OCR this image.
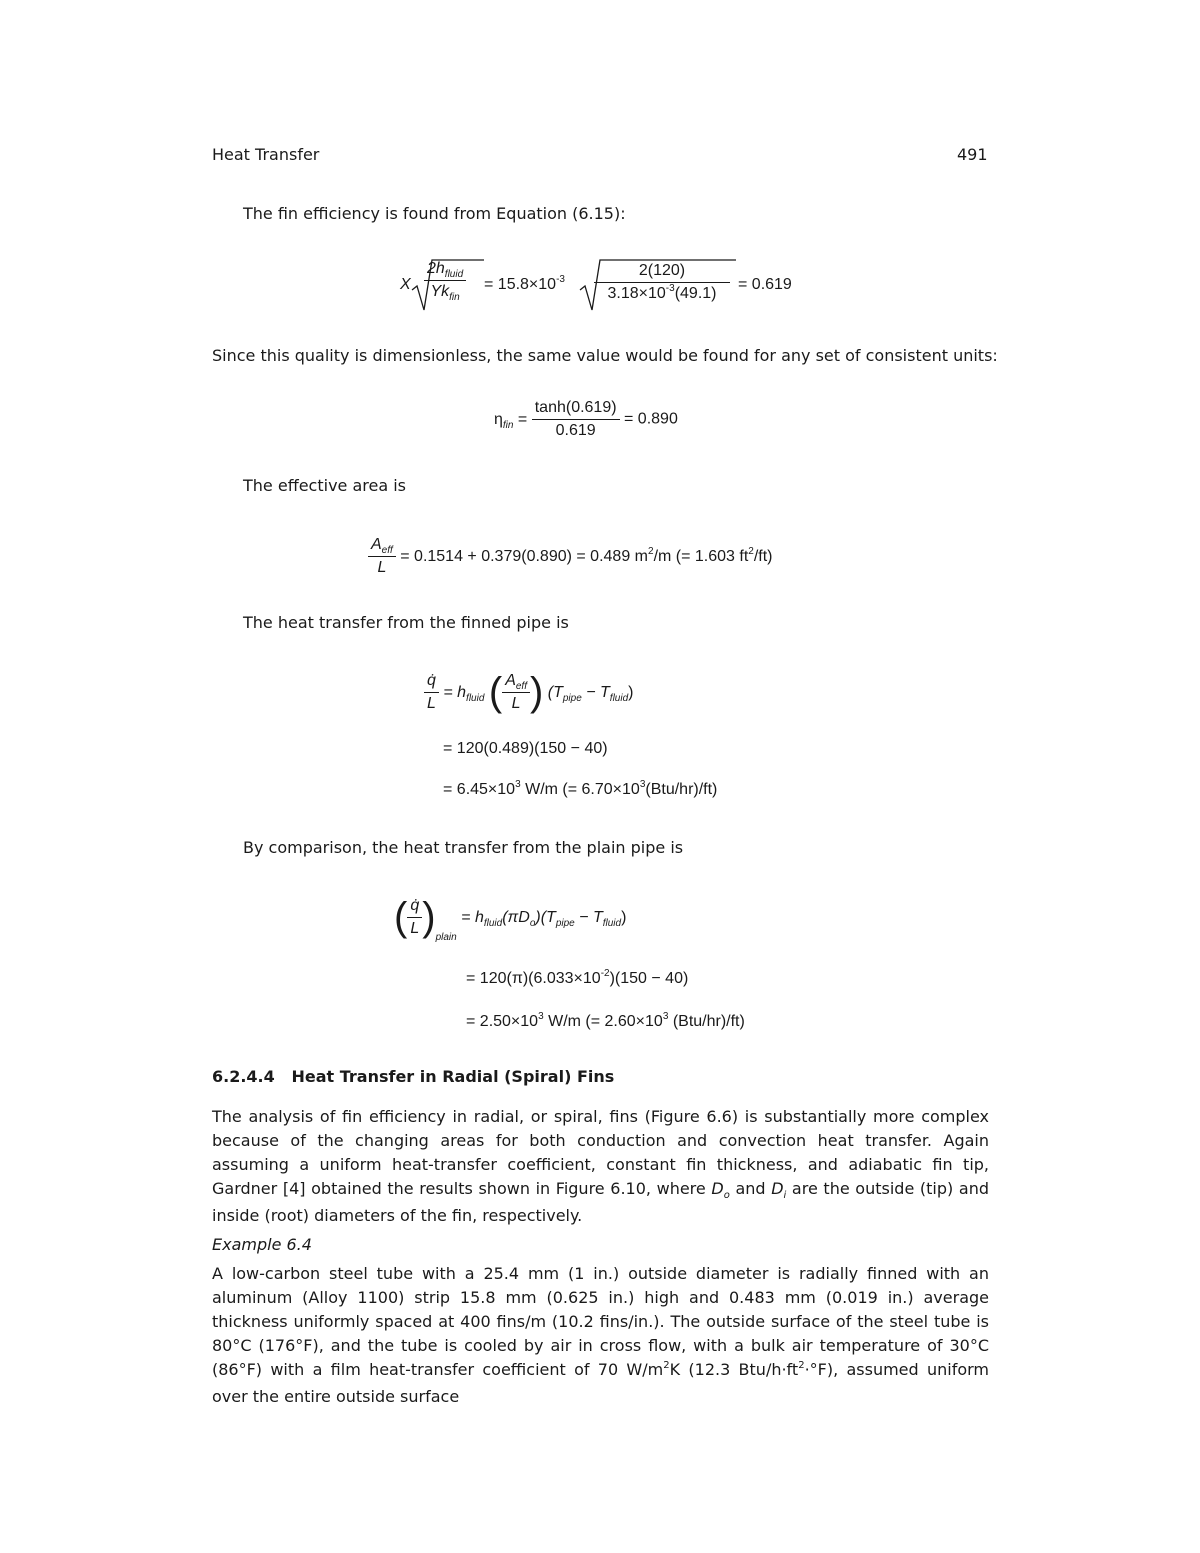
Heat Transfer	491
The fin efficiency is found from Equation (6.15):
X
$2h_{fluid}$
$Yk_{fin}$
= $15.8\times 10^{-3} \frac{2(120)}{3.18\times 10^{-3}(49.1)} = 0.619$
Since this quality is dimensionless, the same value would be found for any set of consistent units:
$\eta_{fin} = \frac{\tanh(0.619)}{0.619} = 0.890$
The effective area is
$\frac{A_{eff}}{L} = 0.1514 + 0.379(0.890) = 0.489$ $m^2/m$ (= 1.603 $ft^2/ft$)
The heat transfer from the finned pipe is
$\frac{q̇}{L} = h_{fluid}$ ( $\frac{A_{eff}}{L}$ ) $(T_{pipe} - T_{fluid})$
= 120(0.489)(150 − 40)
= $6.45\times 10^3$ W/m (= $6.70\times 10^3(Btu/hr)/ft$)
By comparison, the heat transfer from the plain pipe is
( $\frac{q̇}{L} )_{plain} = h_{fluid}(\pi D_o)(T_{pipe} - T_{fluid})$
= $120(\pi)(6.033\times 10^{-2})(150 - 40)$
= $2.50\times 10^3$ W/m (= $2.60\times 10^3$ (Btu/hr)/ft)
6.2.4.4   Heat Transfer in Radial (Spiral) Fins
The analysis of fin efficiency in radial, or spiral, fins (Figure 6.6) is substantially more complex because of the changing areas for both conduction and convection heat transfer. Again assuming a uniform heat-transfer coefficient, constant fin thickness, and adiabatic fin tip, Gardner [4] obtained the results shown in Figure 6.10, where $D_o$ and $D_i$ are the outside (tip) and inside (root) diameters of the fin, respectively.
Example 6.4
A low-carbon steel tube with a 25.4 mm (1 in.) outside diameter is radially finned with an aluminum (Alloy 1100) strip 15.8 mm (0.625 in.) high and 0.483 mm (0.019 in.) average thickness uniformly spaced at 400 fins/m (10.2 fins/in.). The outside surface of the steel tube is 80°C (176°F), and the tube is cooled by air in cross flow, with a bulk air temperature of 30°C (86°F) with a film heat-transfer coefficient of 70 $W/m^2K$ (12.3 Btu/$h\cdot ft^2\cdot^\circ F$), assumed uniform over the entire outside surface
